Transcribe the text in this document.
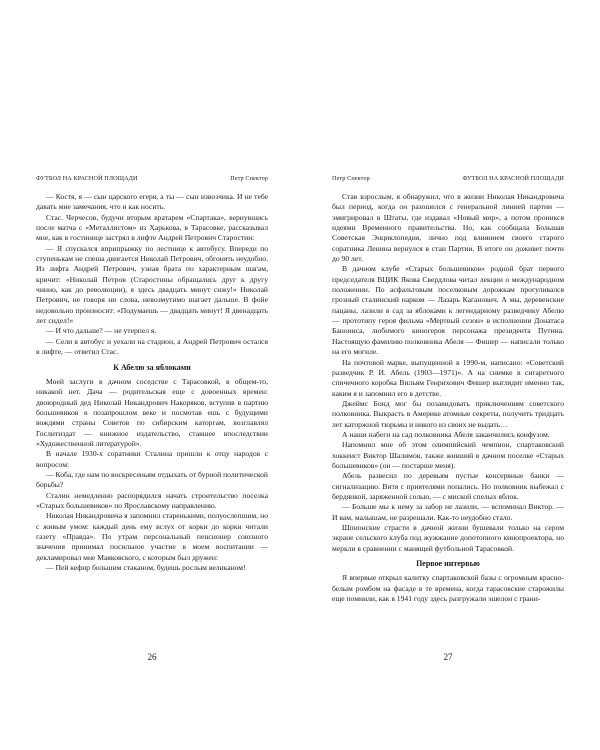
ФУТБОЛ НА КРАСНОЙ ПЛОЩАДИ	Петр Спектор

— Костя, я — сын царского егеря, а ты — сын извозчика. И не тебе давать мне замечания, что и как носить.

Стас. Черчесов, будучи вторым вратарем «Спартака», вернувшись после матча с «Металлистом» из Харькова, в Тарасовке, рассказывал мне, как в гостинице застрял в лифте Андрей Петрович Старостин:

— Я спускался вприпрыжку по лестнице к автобусу. Впереди по ступенькам не спеша двигается Николай Петрович, обгонять неудобно. Из лифта Андрей Петрович, узнав брата по характерным шагам, кричит: «Николай Петров (Старостины обращались друг к другу чинно, как до революции), я здесь двадцать минут сижу!» Николай Петрович, не говоря ни слова, невозмутимо шагает дальше. В фойе недовольно произносит: «Подумаешь — двадцать минут! Я двенадцать лет сидел!»

— И что дальше? — не утерпел я.

— Сели в автобус и уехали на стадион, а Андрей Петрович остался в лифте, — ответил Стас.

К Абелю за яблоками

Моей заслуги в дачном соседстве с Тарасовкой, в общем-то, никакой нет. Дача — родительская еще с довоенных времен: двоюродный дед Николай Никандрович Накоряков, вступив в партию большевиков в позапрошлом веке и посмотав ешь с будущими вождями страны Советов по сибирским каторгам, возглавлял Гослитиздат — книжное издательство, ставшее впоследствии «Художественной литературой».

В начале 1930-х соратники Сталина пришли к отцу народов с вопросом:

— Коба, где нам по воскресеньям отдыхать от бурной политической борьбы?

Сталин немедленно распорядился начать строительство поселка «Старых большевиков» по Ярославскому направлению.

Николая Никандровича я запомнил старенькими, полуослепшим, но с живым умом: каждый день ему вслух от корки до корки читали газету «Правда». По утрам персональный пенсионер союзного значения принимал посильное участие в моем воспитании — декламировал мне Маяковского, с которым был дружен:

— Пей кефир большим стаканом, будешь рослым великаном!

26
Петр Спектор	ФУТБОЛ НА КРАСНОЙ ПЛОЩАДИ

Став взрослым, я обнаружил, что в жизни Николая Никандровича был период, когда он разошелся с генеральной линией партии — эмигрировал в Штаты, где издавал «Новый мир», а потом проникся идеями Временного правительства. Но, как сообщала Большая Советская Энциклопедия, лично под влиянием своего старого соратника Ленина вернулся в стан Партии. В итоге он доживет почти до 90 лет.

В дачном клубе «Старых большевиков» родной брат первого председателя ВЦИК Якова Свердлова читал лекции о международном положении. По асфальтовым поселковым дорожкам прогуливался грозный сталинский нарком — Лазарь Каганович. А мы, деревенские пацаны, лазили в сад за яблоками к легендарному разведчику Абелю — прототипу героя фильма «Мертвый сезон» в исполнении Донатаса Банониса, любимого киногероя персонажа президента Путина. Настоящую фамилию полковника Абеля — Фишер — написали только на его могиле.

На почтовой марке, выпущенной в 1990-м, написано: «Советский разведчик Р. И. Абель (1903—1971)». А на снимке в сигаретного спичечного коробка Вильям Генрихович Фишер выглядит именно так, каким я и запомнил его в детстве.

Джеймс Бонд мог бы позавидовать приключениям советского полковника. Выкрасть в Америке атомные секреты, получить тридцать лет каторжной тюрьмы и никого из своих не выдать…

А наши набеги на сад полковника Абеля заканчились конфузом.

Напомнил мне об этом олимпийский чемпион, спартаковский хоккеист Виктор Шалимов, также живший в дачном поселке «Старых большевиков» (он — постарше меня).

Абель развесил по деревьям пустые консервные банки — сигнализацию. Витя с приятелями попались. Но полковник выбежал с бердянкой, заряженной солью, — с миской спелых яблок.

— Больше мы к нему за забор не лазили, — вспоминал Виктор. — И вам, малышам, не разрешали. Как-то неудобно стало.

Шпионские страсти в дачной жизни бушевали только на сером экране сельского клуба под жужжание допотопного кинопроектора, но меркли в сравнении с манящей футбольной Тарасовкой.

Первое интервью

Я впервые открыл калитку спартаковской базы с огромным красно-белым ромбом на фасаде в те времена, когда тарасовские старожилы еще помнили, как в 1941 году здесь разгружали эшелон с грани-

27
